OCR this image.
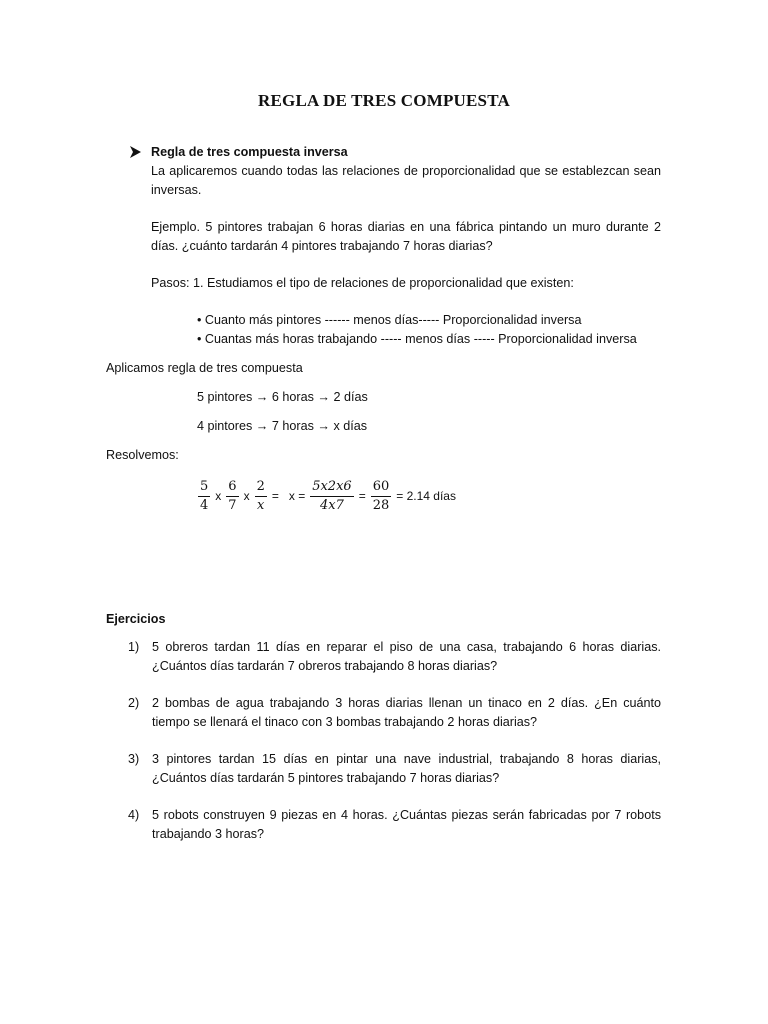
REGLA DE TRES COMPUESTA

Regla de tres compuesta inversa

La aplicaremos cuando todas las relaciones de proporcionalidad que se establezcan sean inversas.

Ejemplo. 5 pintores trabajan 6 horas diarias en una fábrica pintando un muro durante 2 días. ¿cuánto tardarán 4 pintores trabajando 7 horas diarias?

Pasos: 1. Estudiamos el tipo de relaciones de proporcionalidad que existen:

• Cuanto más pintores ------ menos días----- Proporcionalidad inversa

• Cuantas más horas trabajando ----- menos días ----- Proporcionalidad inversa

Aplicamos regla de tres compuesta

5 pintores → 6 horas → 2 días

4 pintores → 7 horas → x días

Resolvemos:

$\frac{5}{4}$ x $\frac{6}{7}$ x $\frac{2}{x} = x = \frac{5x2x6}{4x7} = \frac{60}{28} = 2.14$ días

Ejercicios

1) 5 obreros tardan 11 días en reparar el piso de una casa, trabajando 6 horas diarias. ¿Cuántos días tardarán 7 obreros trabajando 8 horas diarias?
2) 2 bombas de agua trabajando 3 horas diarias llenan un tinaco en 2 días. ¿En cuánto tiempo se llenará el tinaco con 3 bombas trabajando 2 horas diarias?
3) 3 pintores tardan 15 días en pintar una nave industrial, trabajando 8 horas diarias, ¿Cuántos días tardarán 5 pintores trabajando 7 horas diarias?
4) 5 robots construyen 9 piezas en 4 horas. ¿Cuántas piezas serán fabricadas por 7 robots trabajando 3 horas?
